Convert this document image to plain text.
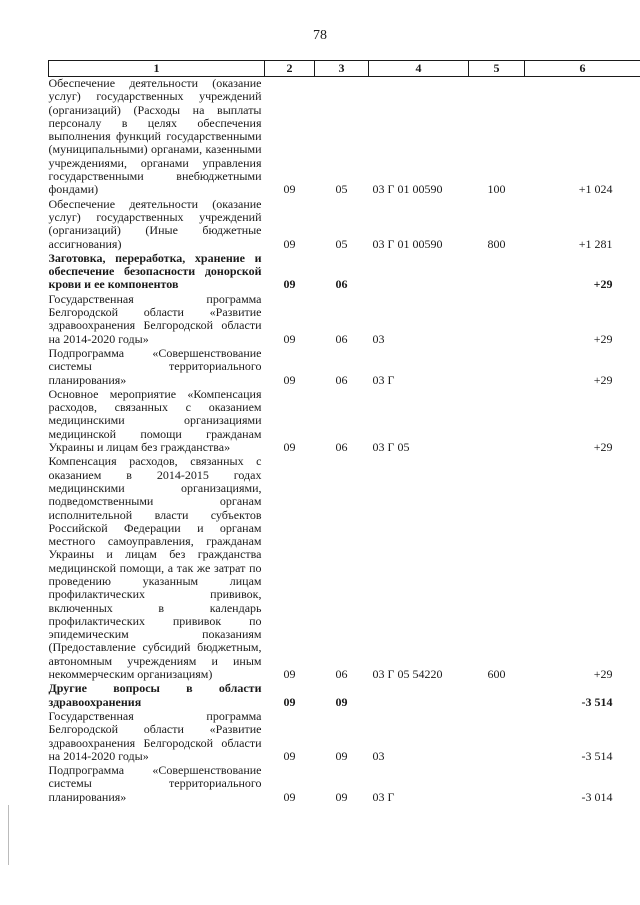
78
1	2	3	4	5	6
Обеспечение деятельности (оказание услуг) государственных учреждений (организаций) (Расходы на выплаты персоналу в целях обеспечения выполнения функций государственными (муниципальными) органами, казенными учреждениями, органами управления государственными внебюджетными фондами)	09	05	03 Г 01 00590	100	+1 024
Обеспечение деятельности (оказание услуг) государственных учреждений (организаций) (Иные бюджетные ассигнования)	09	05	03 Г 01 00590	800	+1 281
Заготовка, переработка, хранение и обеспечение безопасности донорской крови и ее компонентов	09	06			+29
Государственная программа Белгородской области «Развитие здравоохранения Белгородской области на 2014-2020 годы»	09	06	03		+29
Подпрограмма «Совершенствование системы территориального планирования»	09	06	03 Г		+29
Основное мероприятие «Компенсация расходов, связанных с оказанием медицинскими организациями медицинской помощи гражданам Украины и лицам без гражданства»	09	06	03 Г 05		+29
Компенсация расходов, связанных с оказанием в 2014-2015 годах медицинскими организациями, подведомственными органам исполнительной власти субъектов Российской Федерации и органам местного самоуправления, гражданам Украины и лицам без гражданства медицинской помощи, а так же затрат по проведению указанным лицам профилактических прививок, включенных в календарь профилактических прививок по эпидемическим показаниям (Предоставление субсидий бюджетным, автономным учреждениям и иным некоммерческим организациям)	09	06	03 Г 05 54220	600	+29
Другие вопросы в области здравоохранения	09	09			-3 514
Государственная программа Белгородской области «Развитие здравоохранения Белгородской области на 2014-2020 годы»	09	09	03		-3 514
Подпрограмма «Совершенствование системы территориального планирования»	09	09	03 Г		-3 014
